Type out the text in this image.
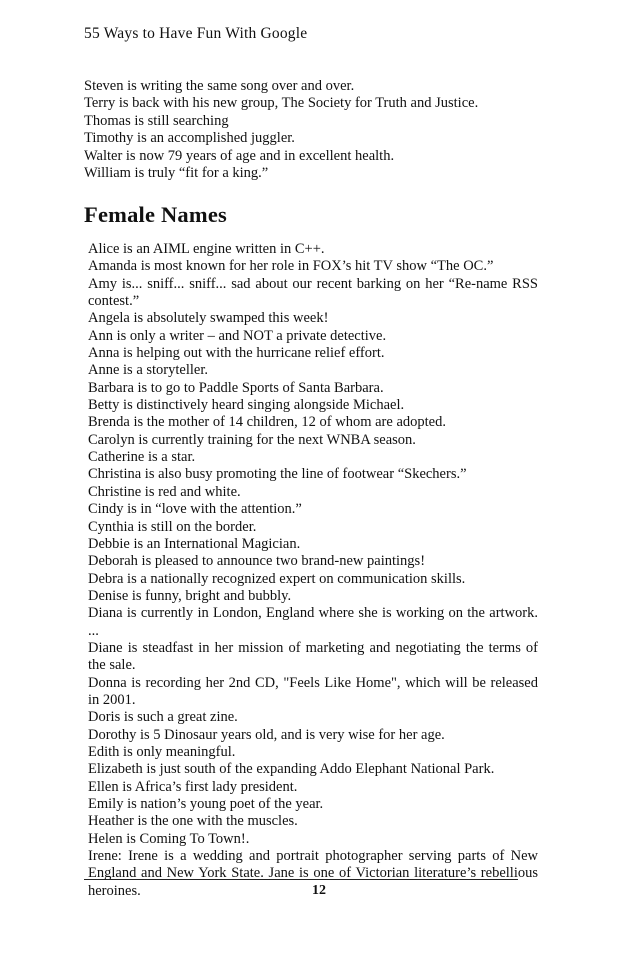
55 Ways to Have Fun With Google
Steven is writing the same song over and over.
Terry is back with his new group, The Society for Truth and Justice.
Thomas is still searching
Timothy is an accomplished juggler.
Walter is now 79 years of age and in excellent health.
William is truly “fit for a king.”
Female Names
Alice is an AIML engine written in C++.
Amanda is most known for her role in FOX’s hit TV show “The OC.”
Amy is... sniff... sniff... sad about our recent barking on her “Re-name RSS contest.”
Angela is absolutely swamped this week!
Ann is only a writer – and NOT a private detective.
Anna is helping out with the hurricane relief effort.
Anne is a storyteller.
Barbara is to go to Paddle Sports of Santa Barbara.
Betty is distinctively heard singing alongside Michael.
Brenda is the mother of 14 children, 12 of whom are adopted.
Carolyn is currently training for the next WNBA season.
Catherine is a star.
Christina is also busy promoting the line of footwear “Skechers.”
Christine is red and white.
Cindy is in “love with the attention.”
Cynthia is still on the border.
Debbie is an International Magician.
Deborah is pleased to announce two brand-new paintings!
Debra is a nationally recognized expert on communication skills.
Denise is funny, bright and bubbly.
Diana is currently in London, England where she is working on the artwork. ...
Diane is steadfast in her mission of marketing and negotiating the terms of the sale.
Donna is recording her 2nd CD, "Feels Like Home", which will be released in 2001.
Doris is such a great zine.
Dorothy is 5 Dinosaur years old, and is very wise for her age.
Edith is only meaningful.
Elizabeth is just south of the expanding Addo Elephant National Park.
Ellen is Africa’s first lady president.
Emily is nation’s young poet of the year.
Heather is the one with the muscles.
Helen is Coming To Town!.
Irene: Irene is a wedding and portrait photographer serving parts of New England and New York State. Jane is one of Victorian literature’s rebellious heroines.	12
